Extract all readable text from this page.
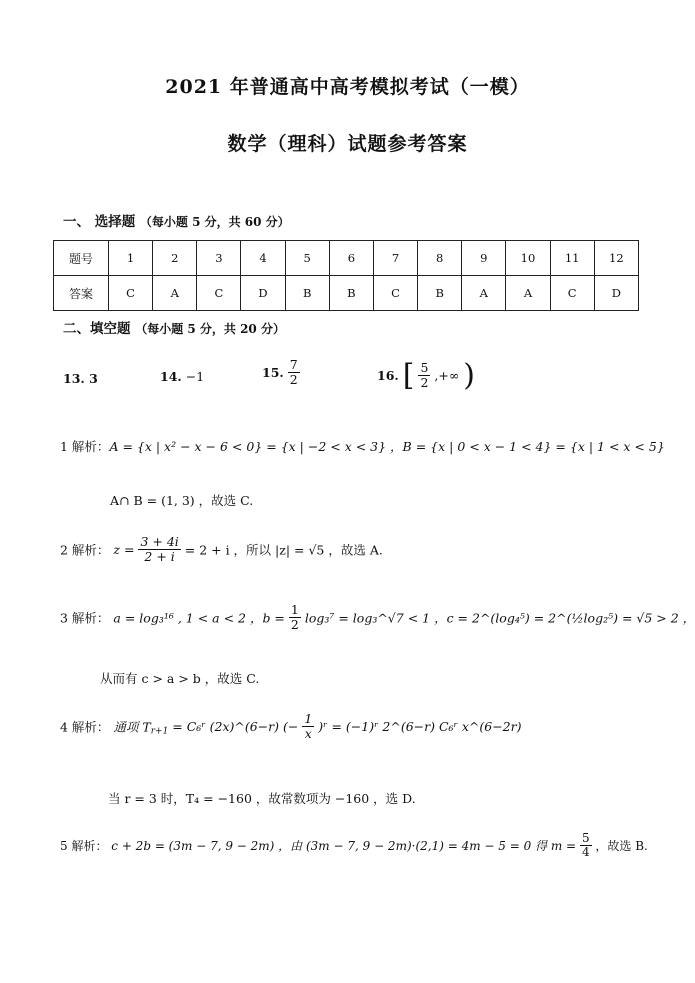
2021 年普通高中高考模拟考试（一模）
数学（理科）试题参考答案
一、 选择题 （每小题 5 分，共 60 分）
题号	1	2	3	4	5	6	7	8	9	10	11	12
答案	C	A	C	D	B	B	C	B	A	A	C	D
二、填空题 （每小题 5 分，共 20 分）
13. 3	14. −1	15. $\frac{7}{2}$	16. [ $\frac{5}{2}$ ,+∞ )
1 解析：A = {x | x² − x − 6 < 0} = {x | −2 < x < 3} ，B = {x | 0 < x − 1 < 4} = {x | 1 < x < 5}
A∩ B = (1, 3) ，故选 C.
2 解析： $z = \frac{3 + 4i}{2 + i} = 2 + i$ ，所以 |z| = √5 ，故选 A.
3 解析： a = log₃¹⁶ , 1 < a < 2 ，$b = \frac{1}{2} \log_3^7$ = log₃^√7 < 1 ，c = 2^(log₄⁵) = 2^(½log₂⁵) = √5 > 2 ，
从而有 c > a > b ，故选 C.
4 解析： 通项 $T_{r+1}$ = C₆ʳ (2x)^(6−r) (− $\frac{1}{x}$ )ʳ = (−1)ʳ 2^(6−r) C₆ʳ x^(6−2r)
当 r = 3 时，T₄ = −160 ，故常数项为 −160 ，选 D.
5 解析： c + 2b = (3m − 7, 9 − 2m) ，由 (3m − 7, 9 − 2m)·(2,1) = 4m − 5 = 0 得 $m = \frac{5}{4}$ ，故选 B.
